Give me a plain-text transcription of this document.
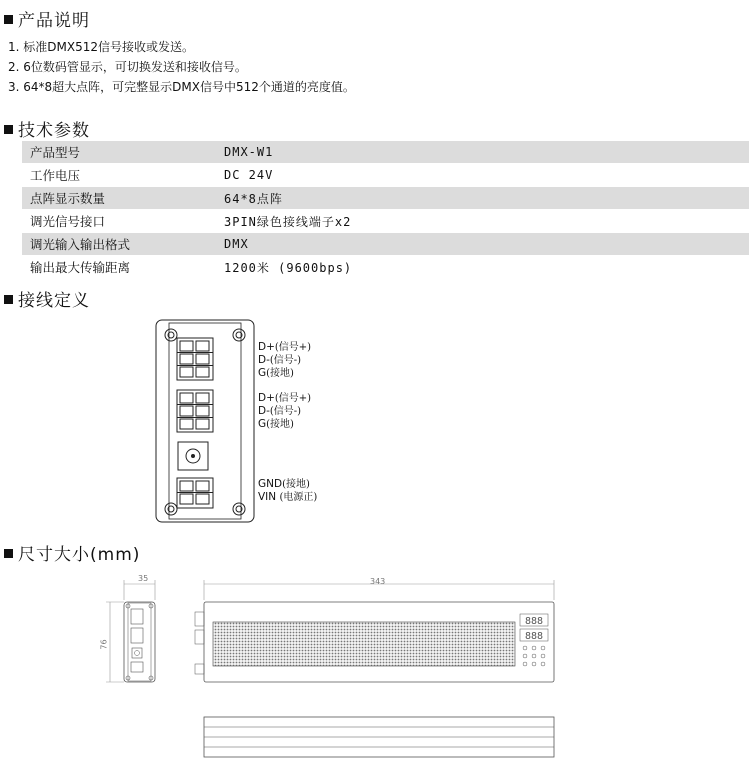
产品说明
1. 标准DMX512信号接收或发送。
2. 6位数码管显示，可切换发送和接收信号。
3. 64*8超大点阵，可完整显示DMX信号中512个通道的亮度值。
技术参数
产品型号	DMX-W1
工作电压	DC 24V
点阵显示数量	64*8点阵
调光信号接口	3PIN绿色接线端子x2
调光输入输出格式	DMX
输出最大传输距离	1200米 (9600bps)
接线定义
D+(信号+)
D-(信号-)
G(接地)
D+(信号+)
D-(信号-)
G(接地)
GND(接地)
VIN (电源正)
尺寸大小(mm)
35
76
888
888
343
